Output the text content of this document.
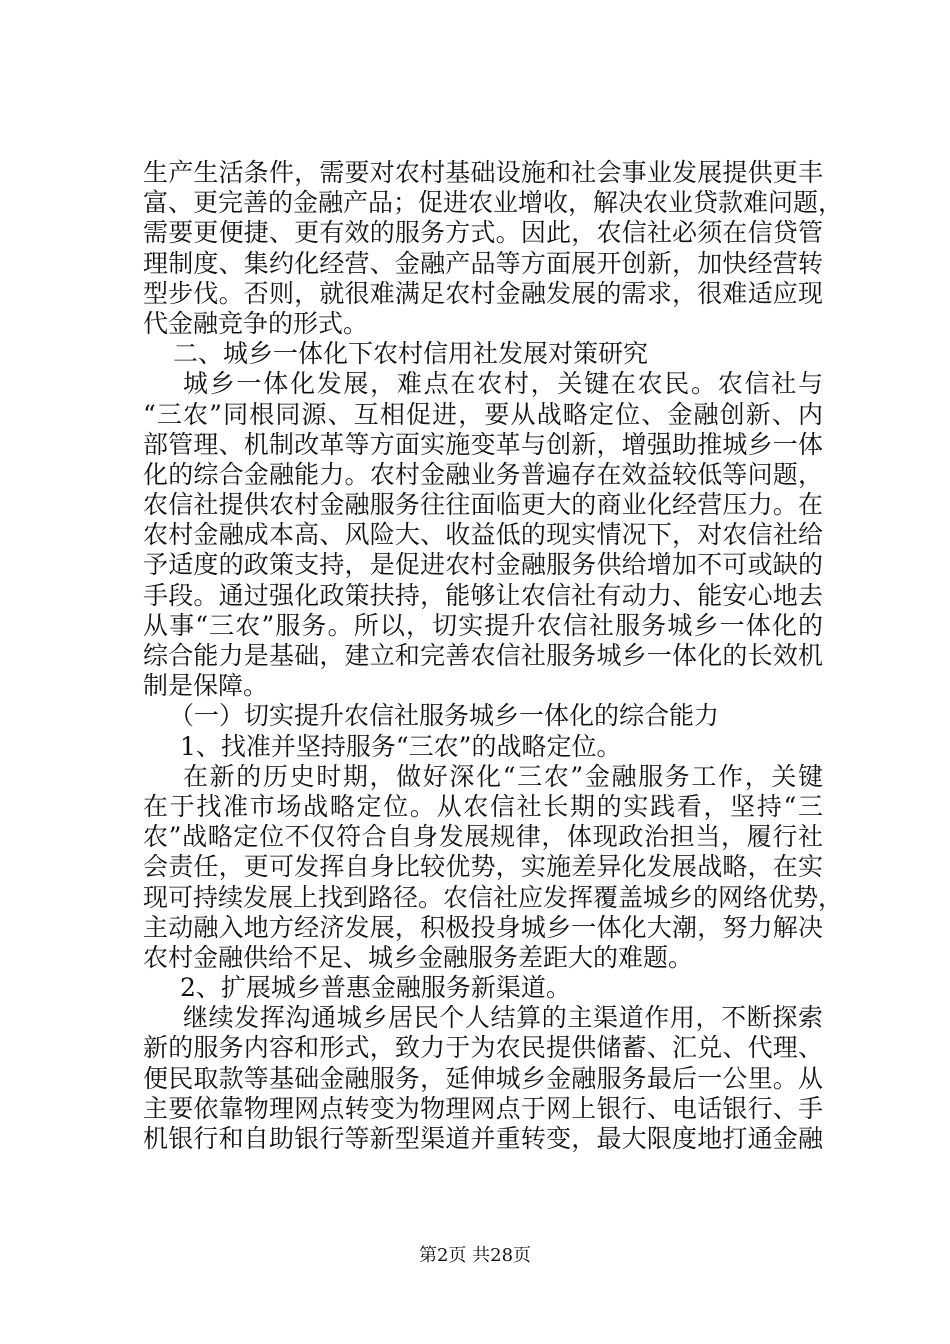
生产生活条件，需要对农村基础设施和社会事业发展提供更丰
富、更完善的金融产品；促进农业增收，解决农业贷款难问题，
需要更便捷、更有效的服务方式。因此，农信社必须在信贷管
理制度、集约化经营、金融产品等方面展开创新，加快经营转
型步伐。否则，就很难满足农村金融发展的需求，很难适应现
代金融竞争的形式。
二、城乡一体化下农村信用社发展对策研究
城乡一体化发展，难点在农村，关键在农民。农信社与
“三农”同根同源、互相促进，要从战略定位、金融创新、内
部管理、机制改革等方面实施变革与创新，增强助推城乡一体
化的综合金融能力。农村金融业务普遍存在效益较低等问题，
农信社提供农村金融服务往往面临更大的商业化经营压力。在
农村金融成本高、风险大、收益低的现实情况下，对农信社给
予适度的政策支持，是促进农村金融服务供给增加不可或缺的
手段。通过强化政策扶持，能够让农信社有动力、能安心地去
从事“三农”服务。所以，切实提升农信社服务城乡一体化的
综合能力是基础，建立和完善农信社服务城乡一体化的长效机
制是保障。
（一）切实提升农信社服务城乡一体化的综合能力
1、找准并坚持服务“三农”的战略定位。
在新的历史时期，做好深化“三农”金融服务工作，关键
在于找准市场战略定位。从农信社长期的实践看，坚持“三
农”战略定位不仅符合自身发展规律，体现政治担当，履行社
会责任，更可发挥自身比较优势，实施差异化发展战略，在实
现可持续发展上找到路径。农信社应发挥覆盖城乡的网络优势，
主动融入地方经济发展，积极投身城乡一体化大潮，努力解决
农村金融供给不足、城乡金融服务差距大的难题。
2、扩展城乡普惠金融服务新渠道。
继续发挥沟通城乡居民个人结算的主渠道作用，不断探索
新的服务内容和形式，致力于为农民提供储蓄、汇兑、代理、
便民取款等基础金融服务，延伸城乡金融服务最后一公里。从
主要依靠物理网点转变为物理网点于网上银行、电话银行、手
机银行和自助银行等新型渠道并重转变，最大限度地打通金融
第2页 共28页
